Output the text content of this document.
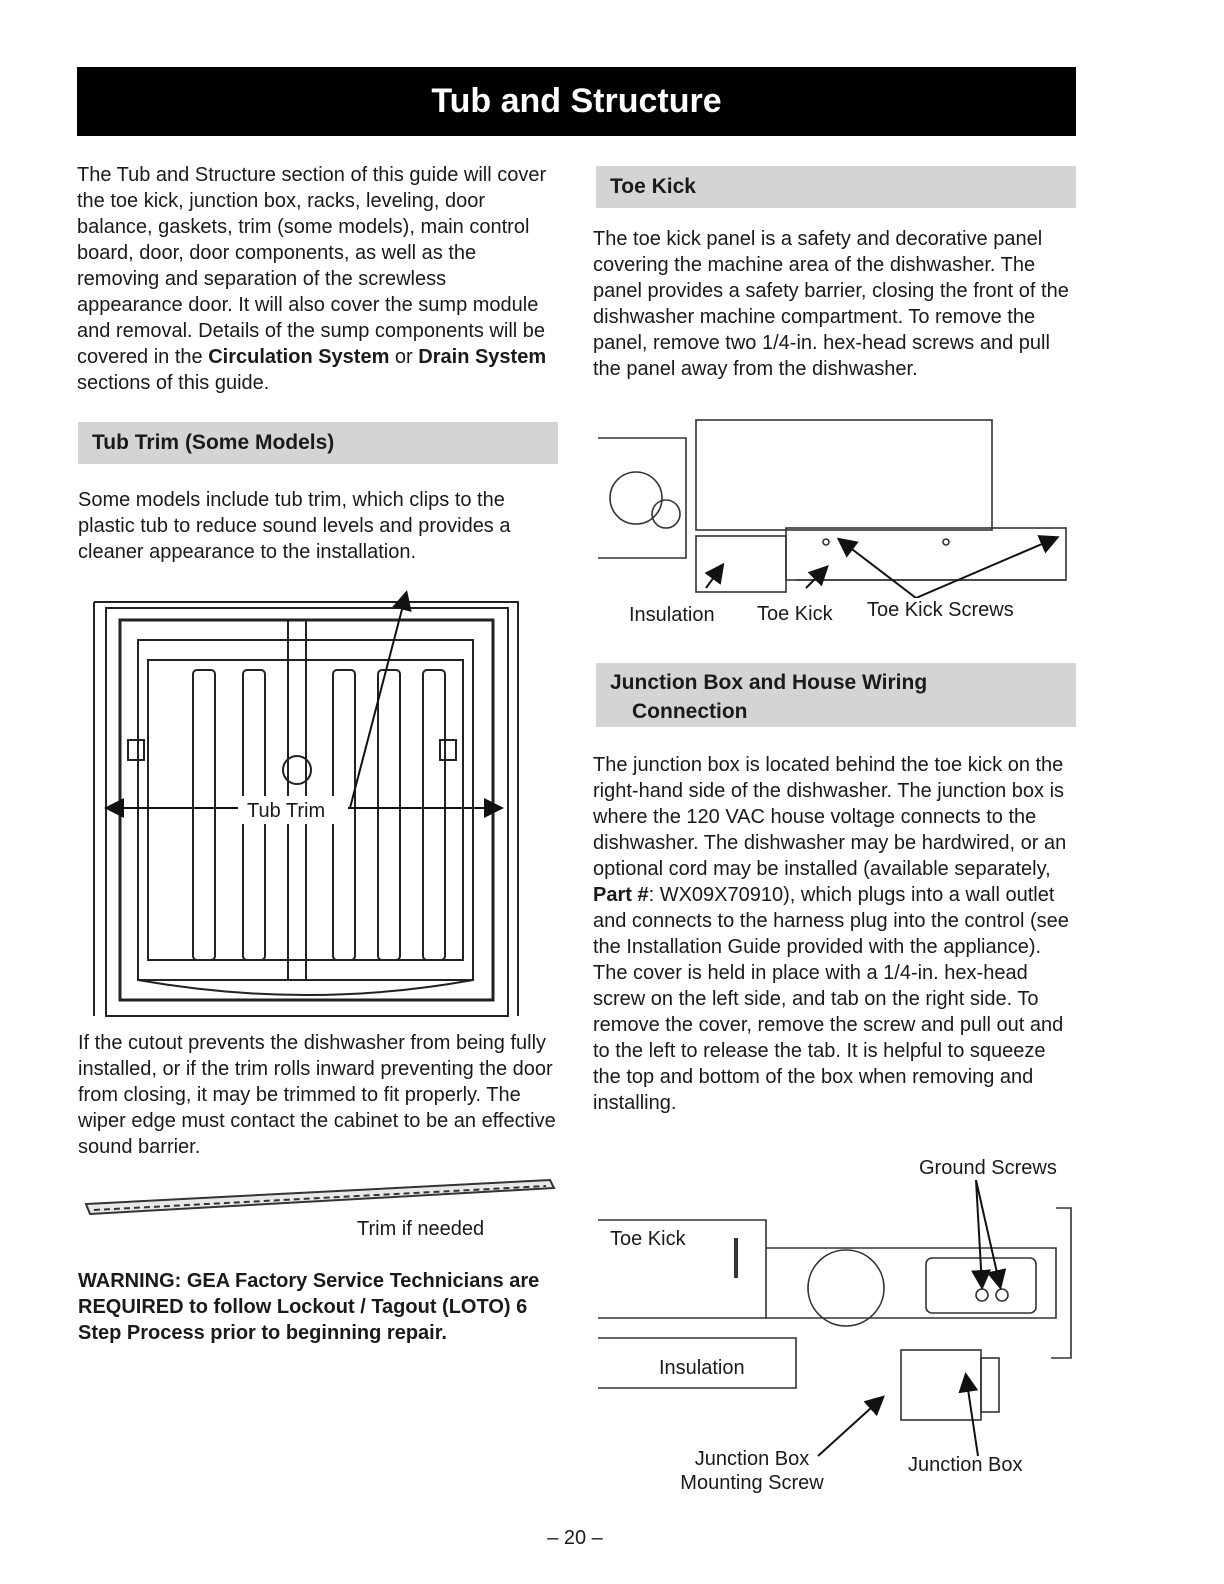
Tub and Structure

The Tub and Structure section of this guide will cover the toe kick, junction box, racks, leveling, door balance, gaskets, trim (some models), main control board, door, door components, as well as the removing and separation of the screwless appearance door. It will also cover the sump module and removal. Details of the sump components will be covered in the Circulation System or Drain System sections of this guide.

Tub Trim (Some Models)

Some models include tub trim, which clips to the plastic tub to reduce sound levels and provides a cleaner appearance to the installation.

Tub Trim

If the cutout prevents the dishwasher from being fully installed, or if the trim rolls inward preventing the door from closing, it may be trimmed to fit properly. The wiper edge must contact the cabinet to be an effective sound barrier.

Trim if needed

WARNING: GEA Factory Service Technicians are REQUIRED to follow Lockout / Tagout (LOTO) 6 Step Process prior to beginning repair.

Toe Kick

The toe kick panel is a safety and decorative panel covering the machine area of the dishwasher. The panel provides a safety barrier, closing the front of the dishwasher machine compartment. To remove the panel, remove two 1/4-in. hex-head screws and pull the panel away from the dishwasher.

Insulation Toe Kick Toe Kick Screws
Junction Box and House Wiring
Connection

The junction box is located behind the toe kick on the right-hand side of the dishwasher. The junction box is where the 120 VAC house voltage connects to the dishwasher. The dishwasher may be hardwired, or an optional cord may be installed (available separately, Part #: WX09X70910), which plugs into a wall outlet and connects to the harness plug into the control (see the Installation Guide provided with the appliance). The cover is held in place with a 1/4-in. hex-head screw on the left side, and tab on the right side. To remove the cover, remove the screw and pull out and to the left to release the tab. It is helpful to squeeze the top and bottom of the box when removing and installing.

Ground Screws
Toe Kick
Insulation
Junction Box
Mounting Screw
Junction Box
– 20 –
